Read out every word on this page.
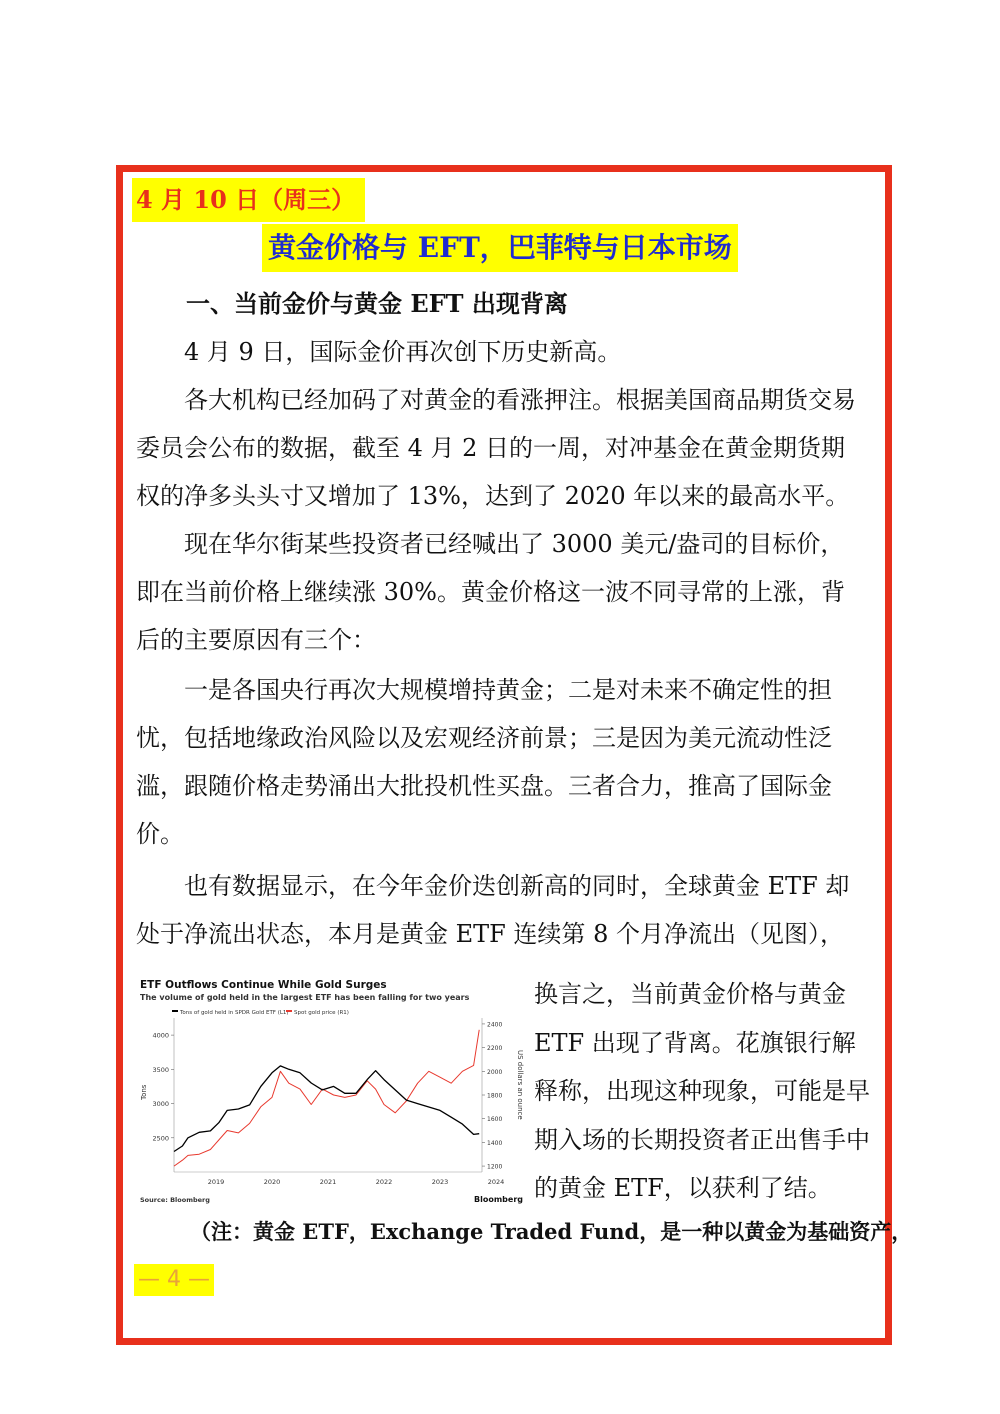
4 月 10 日（周三）
黄金价格与 EFT，巴菲特与日本市场
一、当前金价与黄金 EFT 出现背离
4 月 9 日，国际金价再次创下历史新高。
各大机构已经加码了对黄金的看涨押注。根据美国商品期货交易委员会公布的数据，截至 4 月 2 日的一周，对冲基金在黄金期货期权的净多头头寸又增加了 13%，达到了 2020 年以来的最高水平。
现在华尔街某些投资者已经喊出了 3000 美元/盎司的目标价，即在当前价格上继续涨 30%。黄金价格这一波不同寻常的上涨，背后的主要原因有三个：
一是各国央行再次大规模增持黄金；二是对未来不确定性的担忧，包括地缘政治风险以及宏观经济前景；三是因为美元流动性泛滥，跟随价格走势涌出大批投机性买盘。三者合力，推高了国际金价。
也有数据显示，在今年金价迭创新高的同时，全球黄金 ETF 却处于净流出状态，本月是黄金 ETF 连续第 8 个月净流出（见图），
ETF Outflows Continue While Gold Surges
The volume of gold held in the largest ETF has been falling for two years
Tons of gold held in SPDR Gold ETF (L1) Spot gold price (R1)
Tons	US dollars an ounce
2500
3000
3500
4000
1200
1400
1600
1800
2000
2200
2400
2019	2020	2021	2022	2023	2024
Source: Bloomberg	Bloomberg
换言之，当前黄金价格与黄金 ETF 出现了背离。花旗银行解释称，出现这种现象，可能是早期入场的长期投资者正出售手中的黄金 ETF，以获利了结。
（注：黄金 ETF，Exchange Traded Fund，是一种以黄金为基础资产，
— 4 —
